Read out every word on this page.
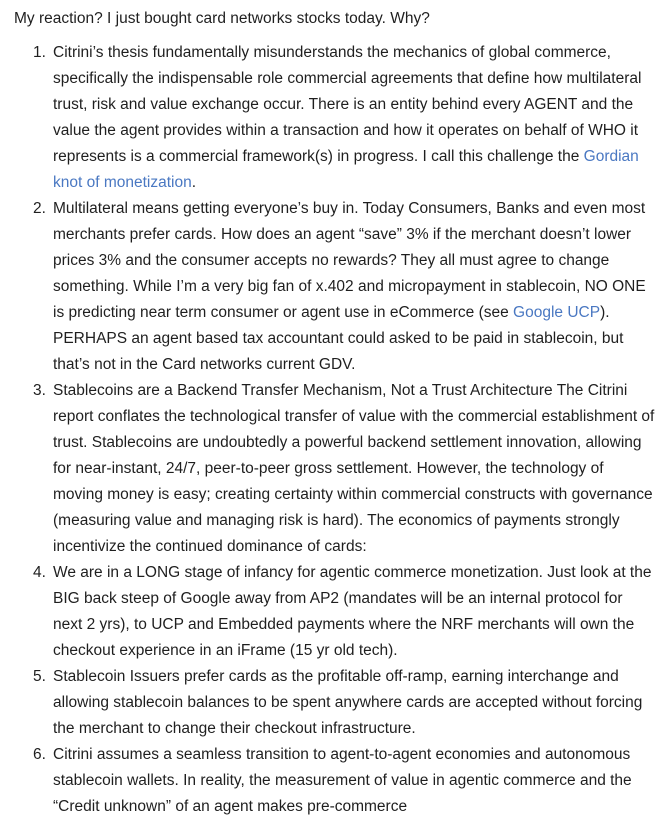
My reaction? I just bought card networks stocks today. Why?

1. Citrini’s thesis fundamentally misunderstands the mechanics of global commerce, specifically the indispensable role commercial agreements that define how multilateral trust, risk and value exchange occur. There is an entity behind every AGENT and the value the agent provides within a transaction and how it operates on behalf of WHO it represents is a commercial framework(s) in progress. I call this challenge the Gordian knot of monetization.
2. Multilateral means getting everyone’s buy in. Today Consumers, Banks and even most merchants prefer cards. How does an agent “save” 3% if the merchant doesn’t lower prices 3% and the consumer accepts no rewards? They all must agree to change something. While I’m a very big fan of x.402 and micropayment in stablecoin, NO ONE is predicting near term consumer or agent use in eCommerce (see Google UCP). PERHAPS an agent based tax accountant could asked to be paid in stablecoin, but that’s not in the Card networks current GDV.
3. Stablecoins are a Backend Transfer Mechanism, Not a Trust Architecture The Citrini report conflates the technological transfer of value with the commercial establishment of trust. Stablecoins are undoubtedly a powerful backend settlement innovation, allowing for near-instant, 24/7, peer-to-peer gross settlement. However, the technology of moving money is easy; creating certainty within commercial constructs with governance (measuring value and managing risk is hard). The economics of payments strongly incentivize the continued dominance of cards:
4. We are in a LONG stage of infancy for agentic commerce monetization. Just look at the BIG back steep of Google away from AP2 (mandates will be an internal protocol for next 2 yrs), to UCP and Embedded payments where the NRF merchants will own the checkout experience in an iFrame (15 yr old tech).
5. Stablecoin Issuers prefer cards as the profitable off-ramp, earning interchange and allowing stablecoin balances to be spent anywhere cards are accepted without forcing the merchant to change their checkout infrastructure.
6. Citrini assumes a seamless transition to agent-to-agent economies and autonomous stablecoin wallets. In reality, the measurement of value in agentic commerce and the “Credit unknown” of an agent makes pre-commerce
